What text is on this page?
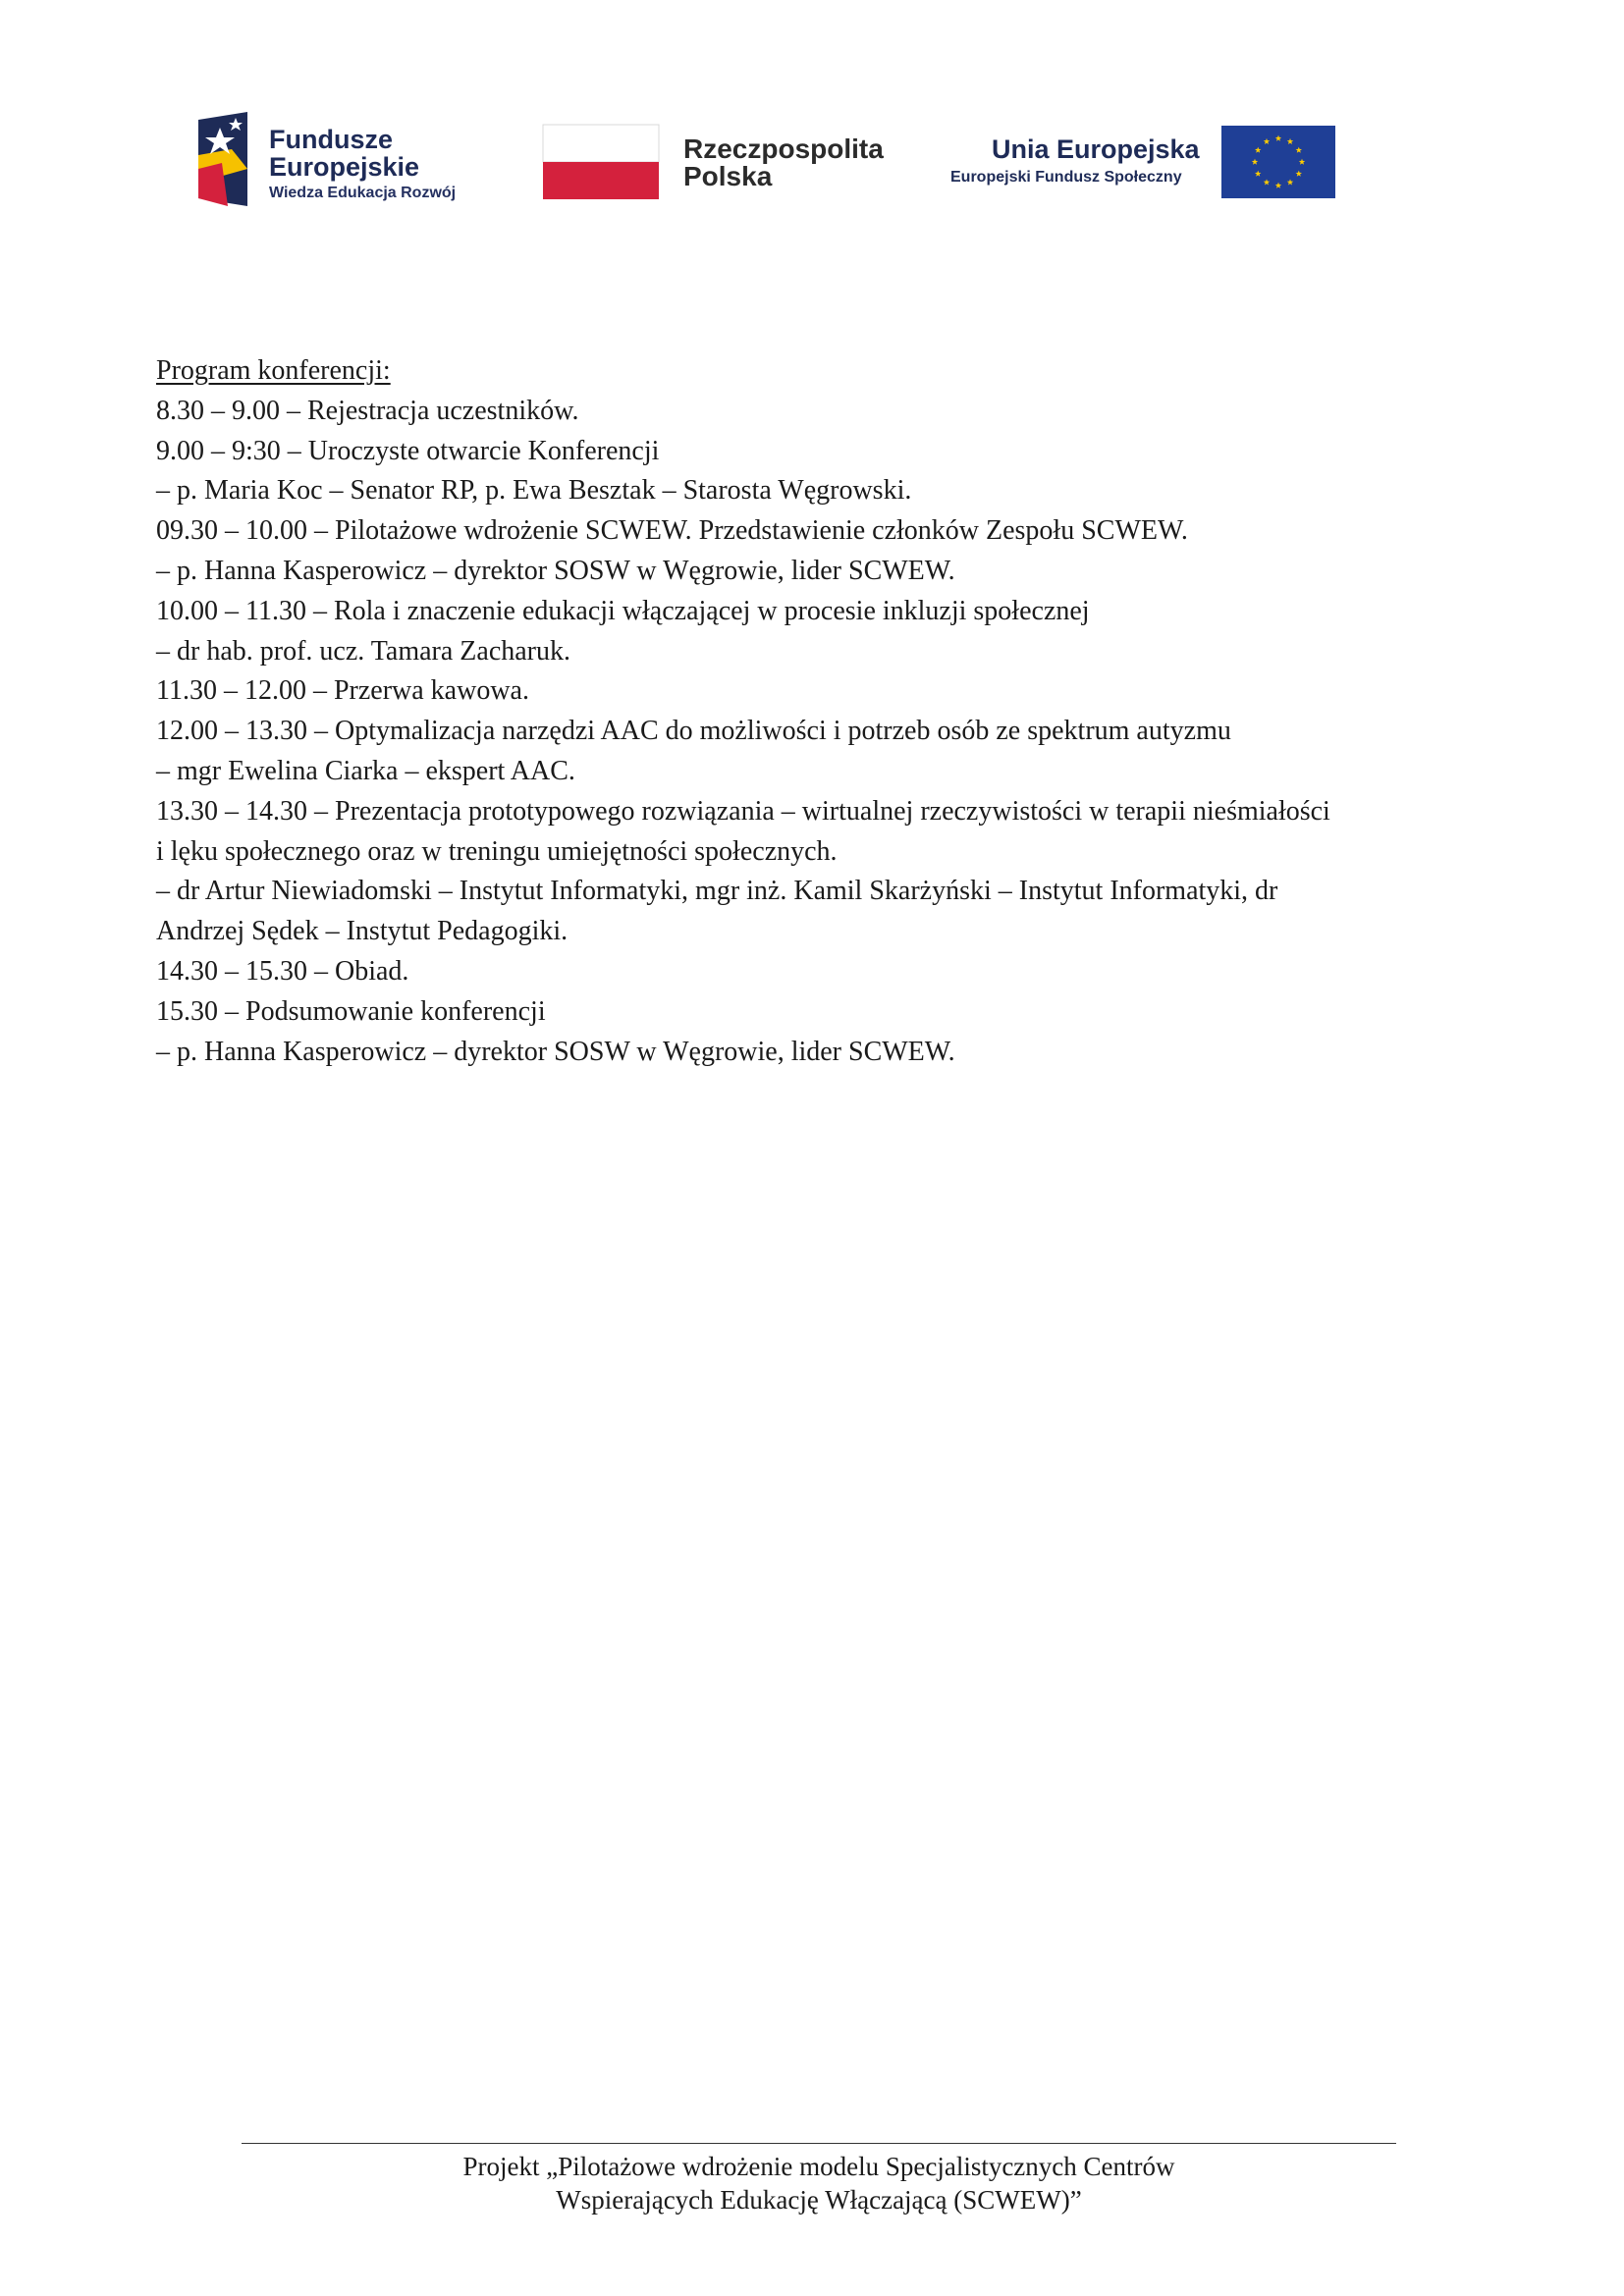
Fundusze
Europejskie
Wiedza Edukacja Rozwój
Rzeczpospolita
Polska
Unia Europejska
Europejski Fundusz Społeczny
Program konferencji:
8.30 – 9.00 – Rejestracja uczestników.
9.00 – 9:30 – Uroczyste otwarcie Konferencji
– p. Maria Koc – Senator RP, p. Ewa Besztak – Starosta Węgrowski.
09.30 – 10.00 – Pilotażowe wdrożenie SCWEW. Przedstawienie członków Zespołu SCWEW.
– p. Hanna Kasperowicz – dyrektor SOSW w Węgrowie, lider SCWEW.
10.00 – 11.30 – Rola i znaczenie edukacji włączającej w procesie inkluzji społecznej
– dr hab. prof. ucz. Tamara Zacharuk.
11.30 – 12.00 – Przerwa kawowa.
12.00 – 13.30 – Optymalizacja narzędzi AAC do możliwości i potrzeb osób ze spektrum autyzmu
– mgr Ewelina Ciarka – ekspert AAC.
13.30 – 14.30 – Prezentacja prototypowego rozwiązania – wirtualnej rzeczywistości w terapii nieśmiałości
i lęku społecznego oraz w treningu umiejętności społecznych.
– dr Artur Niewiadomski – Instytut Informatyki, mgr inż. Kamil Skarżyński – Instytut Informatyki, dr
Andrzej Sędek – Instytut Pedagogiki.
14.30 – 15.30 – Obiad.
15.30 – Podsumowanie konferencji
– p. Hanna Kasperowicz – dyrektor SOSW w Węgrowie, lider SCWEW.
Projekt „Pilotażowe wdrożenie modelu Specjalistycznych Centrów
Wspierających Edukację Włączającą (SCWEW)”
